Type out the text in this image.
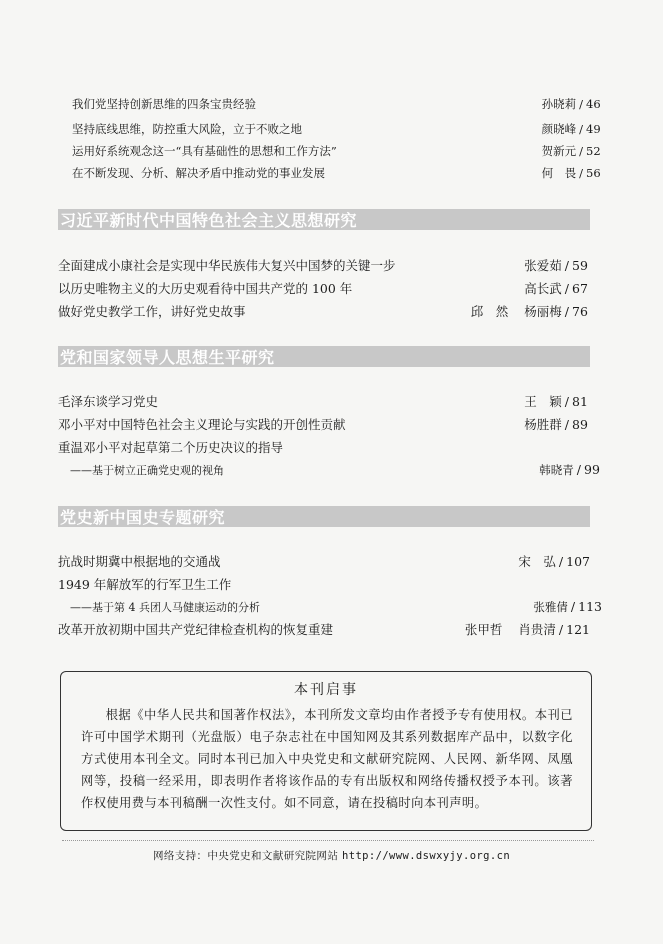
我们党坚持创新思维的四条宝贵经验	孙晓莉 / 46
坚持底线思维，防控重大风险，立于不败之地	颜晓峰 / 49
运用好系统观念这一“具有基础性的思想和工作方法”	贺新元 / 52
在不断发现、分析、解决矛盾中推动党的事业发展	何　畏 / 56
习近平新时代中国特色社会主义思想研究
全面建成小康社会是实现中华民族伟大复兴中国梦的关键一步	张爱茹 / 59
以历史唯物主义的大历史观看待中国共产党的 100 年	高长武 / 67
做好党史教学工作，讲好党史故事	邱　然 杨丽梅 / 76
党和国家领导人思想生平研究
毛泽东谈学习党史	王　颖 / 81
邓小平对中国特色社会主义理论与实践的开创性贡献	杨胜群 / 89
重温邓小平对起草第二个历史决议的指导
——基于树立正确党史观的视角	韩晓青 / 99
党史新中国史专题研究
抗战时期冀中根据地的交通战	宋　弘 / 107
1949 年解放军的行军卫生工作
——基于第 4 兵团人马健康运动的分析	张雅倩 / 113
改革开放初期中国共产党纪律检查机构的恢复重建	张甲哲 肖贵清 / 121
本刊启事
根据《中华人民共和国著作权法》，本刊所发文章均由作者授予专有使用权。本刊已许可中国学术期刊（光盘版）电子杂志社在中国知网及其系列数据库产品中，以数字化方式使用本刊全文。同时本刊已加入中央党史和文献研究院网、人民网、新华网、凤凰网等，投稿一经采用，即表明作者将该作品的专有出版权和网络传播权授予本刊。该著作权使用费与本刊稿酬一次性支付。如不同意，请在投稿时向本刊声明。
网络支持：中央党史和文献研究院网站 http://www.dswxyjy.org.cn
